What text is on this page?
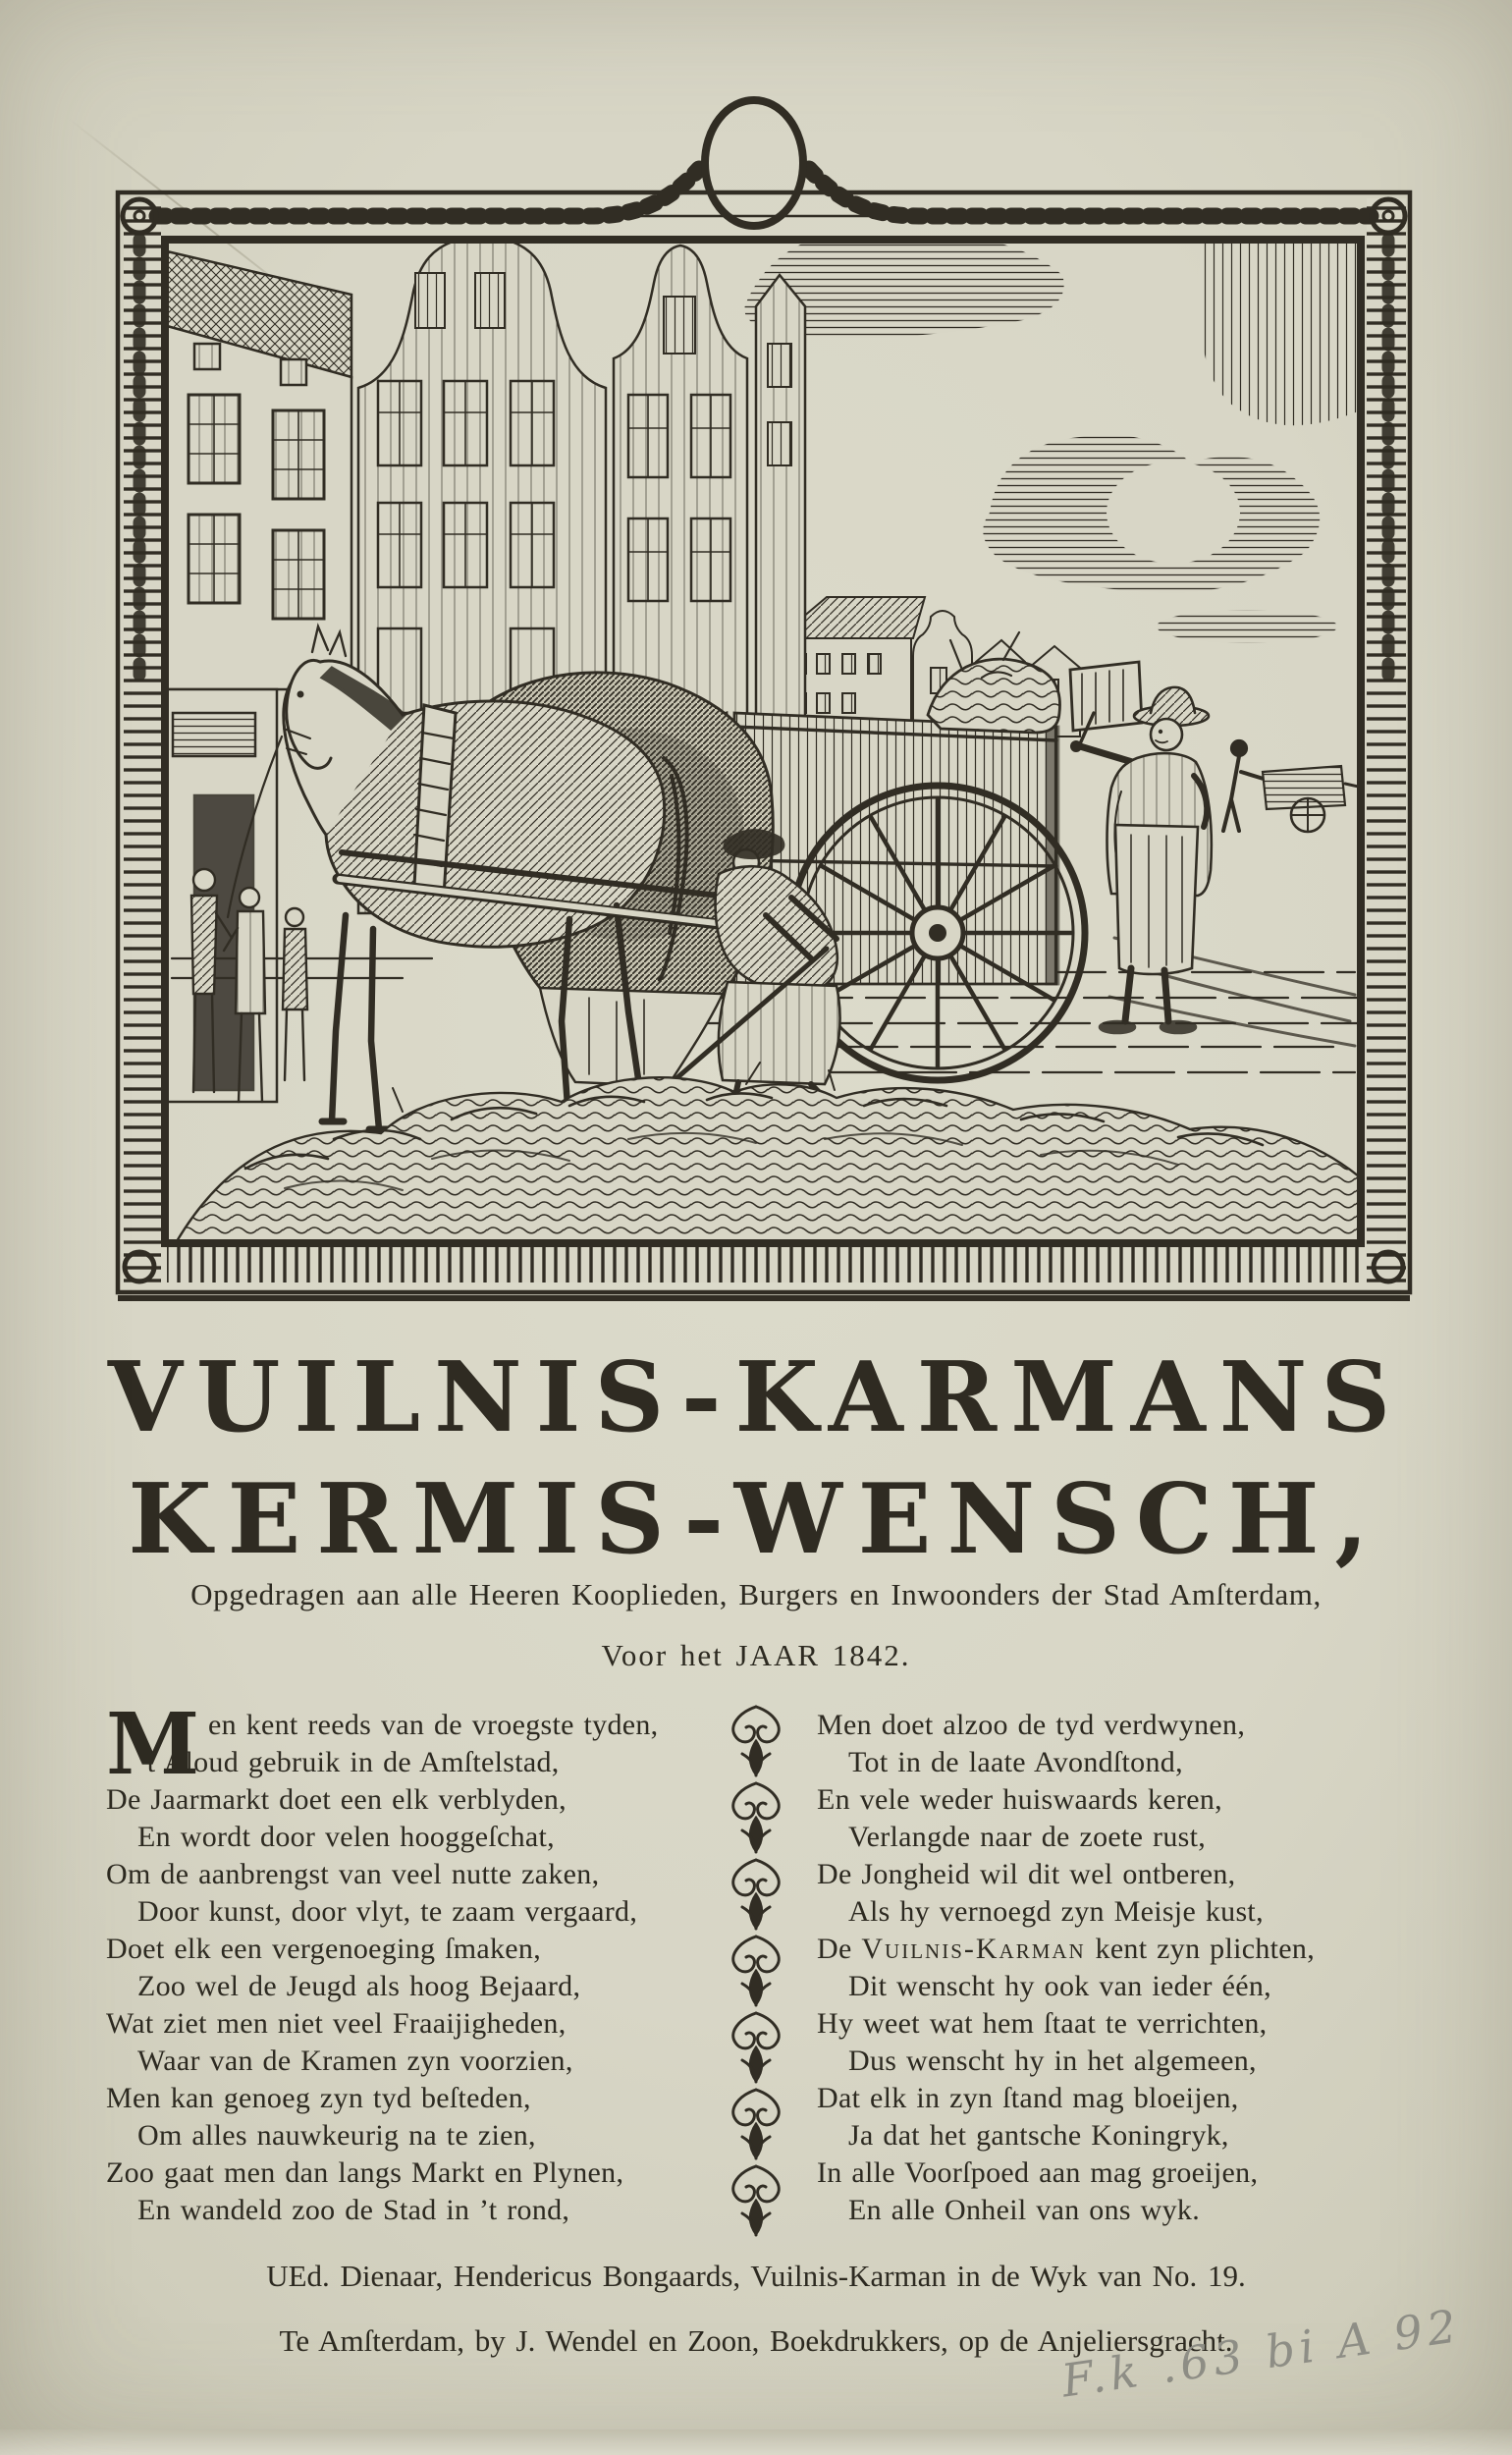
VUILNIS-KARMANS
KERMIS-WENSCH,
Opgedragen aan alle Heeren Kooplieden, Burgers en Inwoonders der Stad Amſterdam,
Voor het JAAR 1842.
M en kent reeds van de vroegste tyden,
’t Aloud gebruik in de Amſtelstad,
De Jaarmarkt doet een elk verblyden,
En wordt door velen hooggeſchat,
Om de aanbrengst van veel nutte zaken,
Door kunst, door vlyt, te zaam vergaard,
Doet elk een vergenoeging ſmaken,
Zoo wel de Jeugd als hoog Bejaard,
Wat ziet men niet veel Fraaijigheden,
Waar van de Kramen zyn voorzien,
Men kan genoeg zyn tyd beſteden,
Om alles nauwkeurig na te zien,
Zoo gaat men dan langs Markt en Plynen,
En wandeld zoo de Stad in ’t rond,
Men doet alzoo de tyd verdwynen,
Tot in de laate Avondſtond,
En vele weder huiswaards keren,
Verlangde naar de zoete rust,
De Jongheid wil dit wel ontberen,
Als hy vernoegd zyn Meisje kust,
De Vuilnis-Karman kent zyn plichten,
Dit wenscht hy ook van ieder één,
Hy weet wat hem ſtaat te verrichten,
Dus wenscht hy in het algemeen,
Dat elk in zyn ſtand mag bloeijen,
Ja dat het gantsche Koningryk,
In alle Voorſpoed aan mag groeijen,
En alle Onheil van ons wyk.
UEd. Dienaar, Hendericus Bongaards, Vuilnis-Karman in de Wyk van No. 19.
Te Amſterdam, by J. Wendel en Zoon, Boekdrukkers, op de Anjeliersgracht.
F.k .63 bi A 92
